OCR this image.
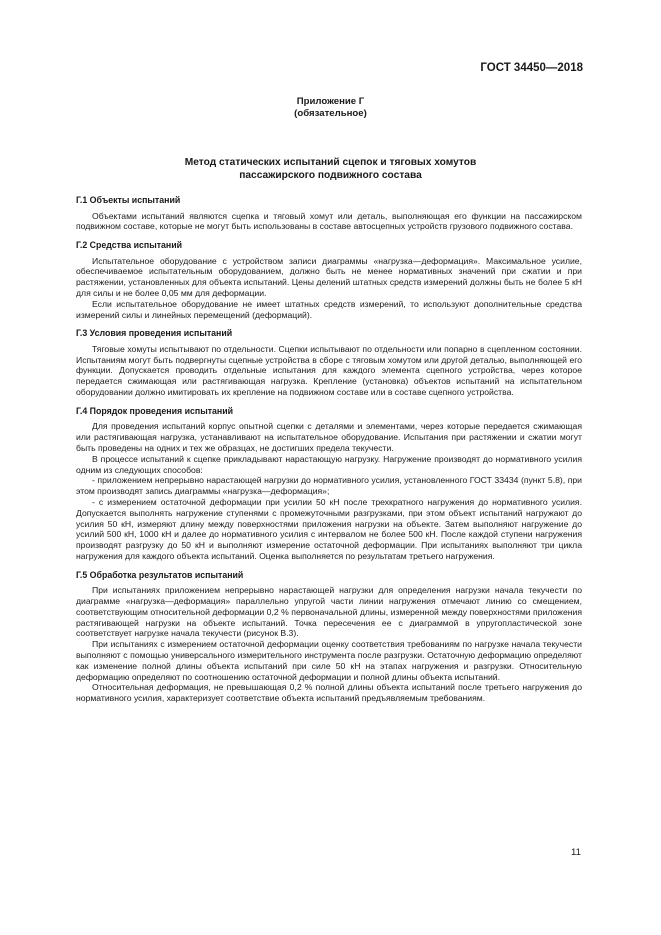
ГОСТ 34450—2018
Приложение Г
(обязательное)
Метод статических испытаний сцепок и тяговых хомутов
пассажирского подвижного состава
Г.1 Объекты испытаний

Объектами испытаний являются сцепка и тяговый хомут или деталь, выполняющая его функции на пассажирском подвижном составе, которые не могут быть использованы в составе автосцепных устройств грузового подвижного состава.

Г.2 Средства испытаний

Испытательное оборудование с устройством записи диаграммы «нагрузка—деформация». Максимальное усилие, обеспечиваемое испытательным оборудованием, должно быть не менее нормативных значений при сжатии и при растяжении, установленных для объекта испытаний. Цены делений штатных средств измерений должны быть не более 5 кН для силы и не более 0,05 мм для деформации.

Если испытательное оборудование не имеет штатных средств измерений, то используют дополнительные средства измерений силы и линейных перемещений (деформаций).

Г.3 Условия проведения испытаний

Тяговые хомуты испытывают по отдельности. Сцепки испытывают по отдельности или попарно в сцепленном состоянии. Испытаниям могут быть подвергнуты сцепные устройства в сборе с тяговым хомутом или другой деталью, выполняющей его функции. Допускается проводить отдельные испытания для каждого элемента сцепного устройства, через которое передается сжимающая или растягивающая нагрузка. Крепление (установка) объектов испытаний на испытательном оборудовании должно имитировать их крепление на подвижном составе или в составе сцепного устройства.

Г.4 Порядок проведения испытаний

Для проведения испытаний корпус опытной сцепки с деталями и элементами, через которые передается сжимающая или растягивающая нагрузка, устанавливают на испытательное оборудование. Испытания при растяжении и сжатии могут быть проведены на одних и тех же образцах, не достигших предела текучести.

В процессе испытаний к сцепке прикладывают нарастающую нагрузку. Нагружение производят до нормативного усилия одним из следующих способов:

- приложением непрерывно нарастающей нагрузки до нормативного усилия, установленного ГОСТ 33434 (пункт 5.8), при этом производят запись диаграммы «нагрузка—деформация»;

- с измерением остаточной деформации при усилии 50 кН после трехкратного нагружения до нормативного усилия. Допускается выполнять нагружение ступенями с промежуточными разгрузками, при этом объект испытаний нагружают до усилия 50 кН, измеряют длину между поверхностями приложения нагрузки на объекте. Затем выполняют нагружение до усилий 500 кН, 1000 кН и далее до нормативного усилия с интервалом не более 500 кН. После каждой ступени нагружения производят разгрузку до 50 кН и выполняют измерение остаточной деформации. При испытаниях выполняют три цикла нагружения для каждого объекта испытаний. Оценка выполняется по результатам третьего нагружения.

Г.5 Обработка результатов испытаний

При испытаниях приложением непрерывно нарастающей нагрузки для определения нагрузки начала текучести по диаграмме «нагрузка—деформация» параллельно упругой части линии нагружения отмечают линию со смещением, соответствующим относительной деформации 0,2 % первоначальной длины, измеренной между поверхностями приложения растягивающей нагрузки на объекте испытаний. Точка пересечения ее с диаграммой в упругопластической зоне соответствует нагрузке начала текучести (рисунок В.3).

При испытаниях с измерением остаточной деформации оценку соответствия требованиям по нагрузке начала текучести выполняют с помощью универсального измерительного инструмента после разгрузки. Остаточную деформацию определяют как изменение полной длины объекта испытаний при силе 50 кН на этапах нагружения и разгрузки. Относительную деформацию определяют по соотношению остаточной деформации и полной длины объекта испытаний.

Относительная деформация, не превышающая 0,2 % полной длины объекта испытаний после третьего нагружения до нормативного усилия, характеризует соответствие объекта испытаний предъявляемым требованиям.

11
